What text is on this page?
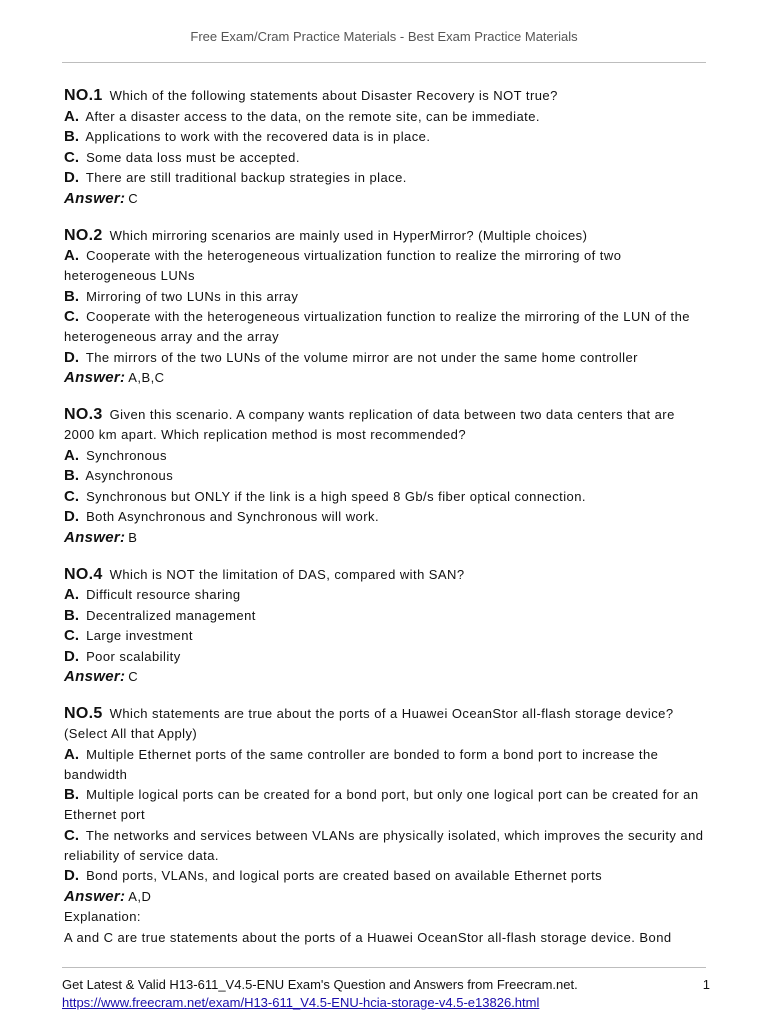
Free Exam/Cram Practice Materials - Best Exam Practice Materials
NO.1 Which of the following statements about Disaster Recovery is NOT true?
A. After a disaster access to the data, on the remote site, can be immediate.
B. Applications to work with the recovered data is in place.
C. Some data loss must be accepted.
D. There are still traditional backup strategies in place.
Answer: C
NO.2 Which mirroring scenarios are mainly used in HyperMirror? (Multiple choices)
A. Cooperate with the heterogeneous virtualization function to realize the mirroring of two heterogeneous LUNs
B. Mirroring of two LUNs in this array
C. Cooperate with the heterogeneous virtualization function to realize the mirroring of the LUN of the heterogeneous array and the array
D. The mirrors of the two LUNs of the volume mirror are not under the same home controller
Answer: A,B,C
NO.3 Given this scenario. A company wants replication of data between two data centers that are 2000 km apart. Which replication method is most recommended?
A. Synchronous
B. Asynchronous
C. Synchronous but ONLY if the link is a high speed 8 Gb/s fiber optical connection.
D. Both Asynchronous and Synchronous will work.
Answer: B
NO.4 Which is NOT the limitation of DAS, compared with SAN?
A. Difficult resource sharing
B. Decentralized management
C. Large investment
D. Poor scalability
Answer: C
NO.5 Which statements are true about the ports of a Huawei OceanStor all-flash storage device? (Select All that Apply)
A. Multiple Ethernet ports of the same controller are bonded to form a bond port to increase the bandwidth
B. Multiple logical ports can be created for a bond port, but only one logical port can be created for an Ethernet port
C. The networks and services between VLANs are physically isolated, which improves the security and reliability of service data.
D. Bond ports, VLANs, and logical ports are created based on available Ethernet ports
Answer: A,D
Explanation:
A and C are true statements about the ports of a Huawei OceanStor all-flash storage device. Bond
Get Latest & Valid H13-611_V4.5-ENU Exam's Question and Answers from Freecram.net.
https://www.freecram.net/exam/H13-611_V4.5-ENU-hcia-storage-v4.5-e13826.html
1
